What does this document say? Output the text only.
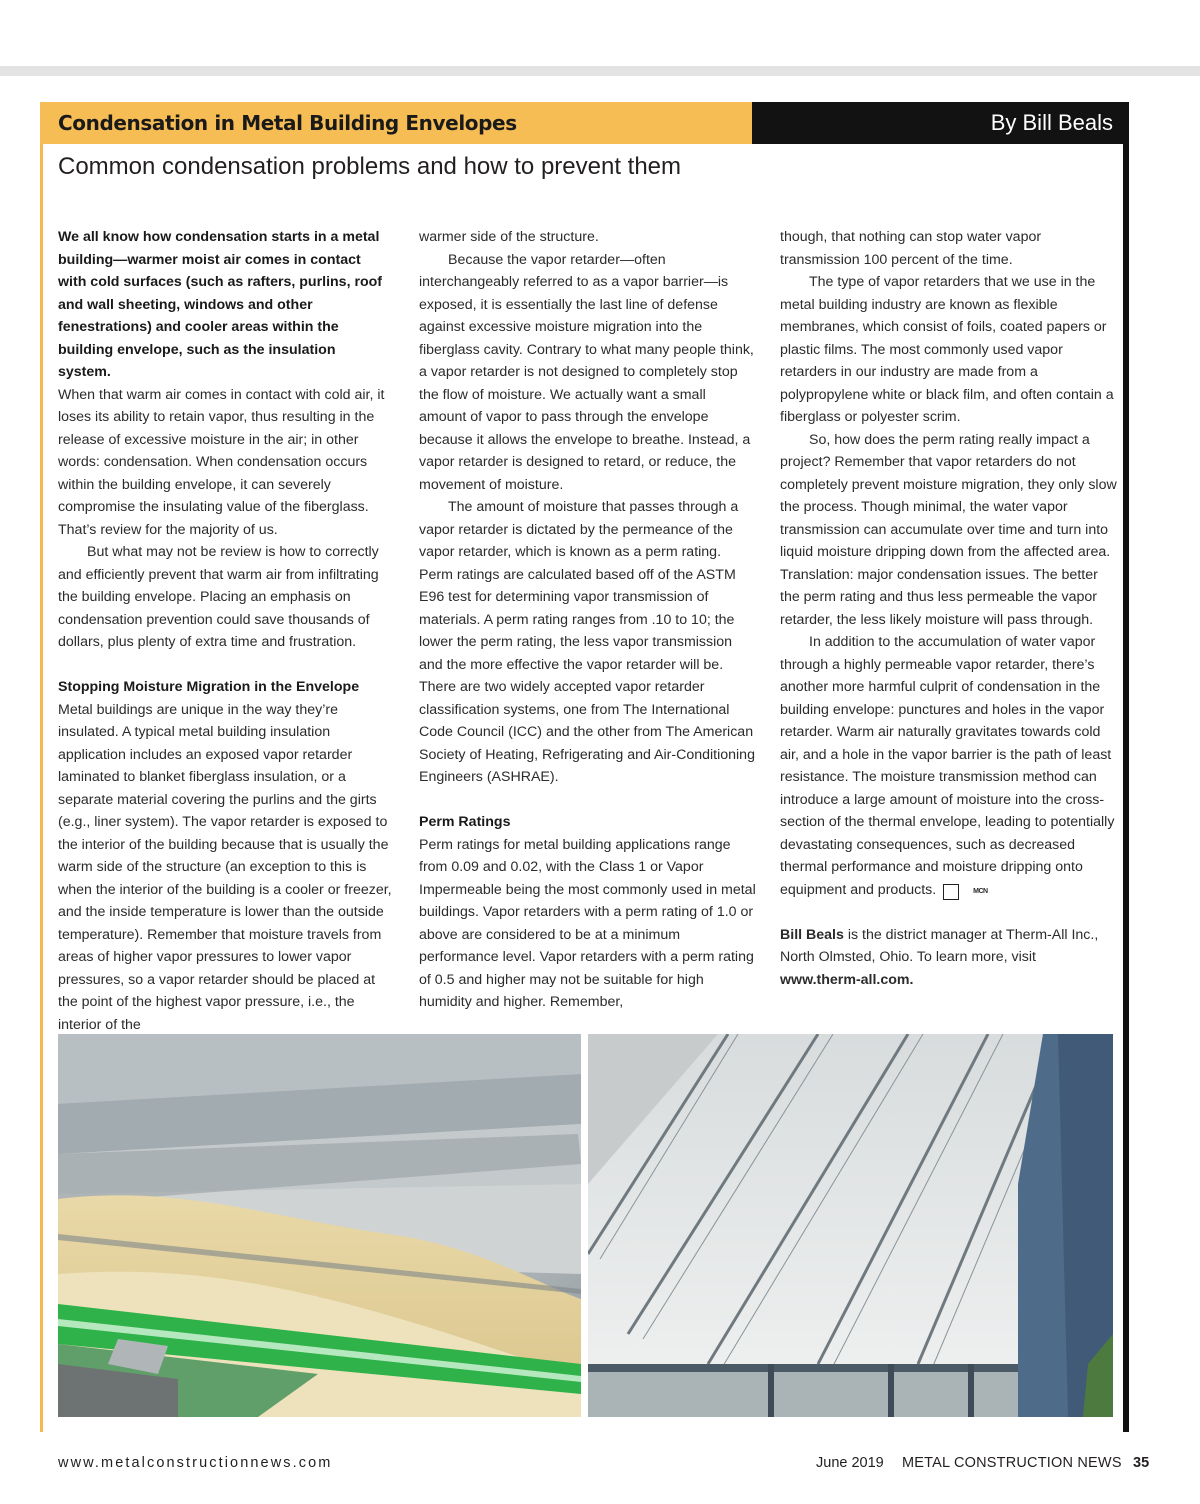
Condensation in Metal Building Envelopes	By Bill Beals
Common condensation problems and how to prevent them

We all know how condensation starts in a metal building—warmer moist air comes in contact with cold surfaces (such as rafters, purlins, roof and wall sheeting, windows and other fenestrations) and cooler areas within the building envelope, such as the insulation system.

When that warm air comes in contact with cold air, it loses its ability to retain vapor, thus resulting in the release of excessive moisture in the air; in other words: condensation. When condensation occurs within the building envelope, it can severely compromise the insulating value of the fiberglass. That’s review for the majority of us.

But what may not be review is how to correctly and efficiently prevent that warm air from infiltrating the building envelope. Placing an emphasis on condensation prevention could save thousands of dollars, plus plenty of extra time and frustration.

Stopping Moisture Migration in the Envelope

Metal buildings are unique in the way they’re insulated. A typical metal building insulation application includes an exposed vapor retarder laminated to blanket fiberglass insulation, or a separate material covering the purlins and the girts (e.g., liner system). The vapor retarder is exposed to the interior of the building because that is usually the warm side of the structure (an exception to this is when the interior of the building is a cooler or freezer, and the inside temperature is lower than the outside temperature). Remember that moisture travels from areas of higher vapor pressures to lower vapor pressures, so a vapor retarder should be placed at the point of the highest vapor pressure, i.e., the interior of the

warmer side of the structure.

Because the vapor retarder—often interchangeably referred to as a vapor barrier—is exposed, it is essentially the last line of defense against excessive moisture migration into the fiberglass cavity. Contrary to what many people think, a vapor retarder is not designed to completely stop the flow of moisture. We actually want a small amount of vapor to pass through the envelope because it allows the envelope to breathe. Instead, a vapor retarder is designed to retard, or reduce, the movement of moisture.

The amount of moisture that passes through a vapor retarder is dictated by the permeance of the vapor retarder, which is known as a perm rating. Perm ratings are calculated based off of the ASTM E96 test for determining vapor transmission of materials. A perm rating ranges from .10 to 10; the lower the perm rating, the less vapor transmission and the more effective the vapor retarder will be. There are two widely accepted vapor retarder classification systems, one from The International Code Council (ICC) and the other from The American Society of Heating, Refrigerating and Air-Conditioning Engineers (ASHRAE).

Perm Ratings

Perm ratings for metal building applications range from 0.09 and 0.02, with the Class 1 or Vapor Impermeable being the most commonly used in metal buildings. Vapor retarders with a perm rating of 1.0 or above are considered to be at a minimum performance level. Vapor retarders with a perm rating of 0.5 and higher may not be suitable for high humidity and higher. Remember,

though, that nothing can stop water vapor transmission 100 percent of the time.

The type of vapor retarders that we use in the metal building industry are known as flexible membranes, which consist of foils, coated papers or plastic films. The most commonly used vapor retarders in our industry are made from a polypropylene white or black film, and often contain a fiberglass or polyester scrim.

So, how does the perm rating really impact a project? Remember that vapor retarders do not completely prevent moisture migration, they only slow the process. Though minimal, the water vapor transmission can accumulate over time and turn into liquid moisture dripping down from the affected area. Translation: major condensation issues. The better the perm rating and thus less permeable the vapor retarder, the less likely moisture will pass through.

In addition to the accumulation of water vapor through a highly permeable vapor retarder, there’s another more harmful culprit of condensation in the building envelope: punctures and holes in the vapor retarder. Warm air naturally gravitates towards cold air, and a hole in the vapor barrier is the path of least resistance. The moisture transmission method can introduce a large amount of moisture into the cross-section of the thermal envelope, leading to potentially devastating consequences, such as decreased thermal performance and moisture dripping onto equipment and products.	MCN

Bill Beals is the district manager at Therm-All Inc., North Olmsted, Ohio. To learn more, visit www.therm-all.com.

www.metalconstructionnews.com	June 2019 METAL CONSTRUCTION NEWS 35
